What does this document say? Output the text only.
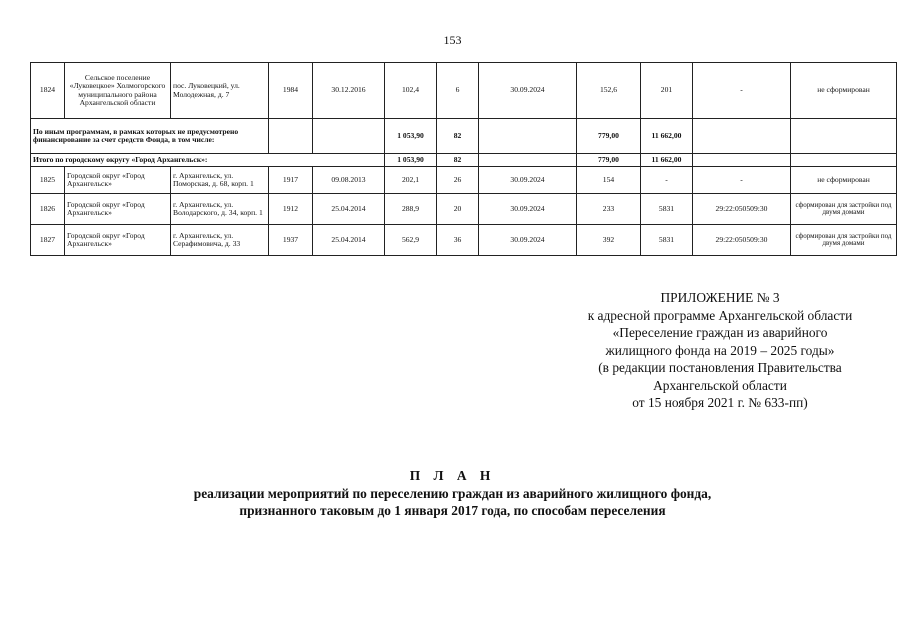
153
1824	Сельское поселение «Луковецкое» Холмогорского муниципального района Архангельской области	пос. Луковецкий, ул. Молодежная, д. 7	1984	30.12.2016	102,4	6	30.09.2024	152,6	201	-	не сформирован
По иным программам, в рамках которых не предусмотрено финансирование за счет средств Фонда, в том числе:					1 053,90	82		779,00	11 662,00		
Итого по городскому округу «Город Архангельск»:					1 053,90	82		779,00	11 662,00		
1825	Городской округ «Город Архангельск»	г. Архангельск, ул. Поморская, д. 68, корп. 1	1917	09.08.2013	202,1	26	30.09.2024	154	-	-	не сформирован
1826	Городской округ «Город Архангельск»	г. Архангельск, ул. Володарского, д. 34, корп. 1	1912	25.04.2014	288,9	20	30.09.2024	233	5831	29:22:050509:30	сформирован для застройки под двумя домами
1827	Городской округ «Город Архангельск»	г. Архангельск, ул. Серафимовича, д. 33	1937	25.04.2014	562,9	36	30.09.2024	392	5831	29:22:050509:30	сформирован для застройки под двумя домами
ПРИЛОЖЕНИЕ № 3
к адресной программе Архангельской области
«Переселение граждан из аварийного
жилищного фонда на 2019 – 2025 годы»
(в редакции постановления Правительства
Архангельской области
от 15 ноября 2021 г. № 633-пп)
П Л А Н
реализации мероприятий по переселению граждан из аварийного жилищного фонда,
признанного таковым до 1 января 2017 года, по способам переселения
